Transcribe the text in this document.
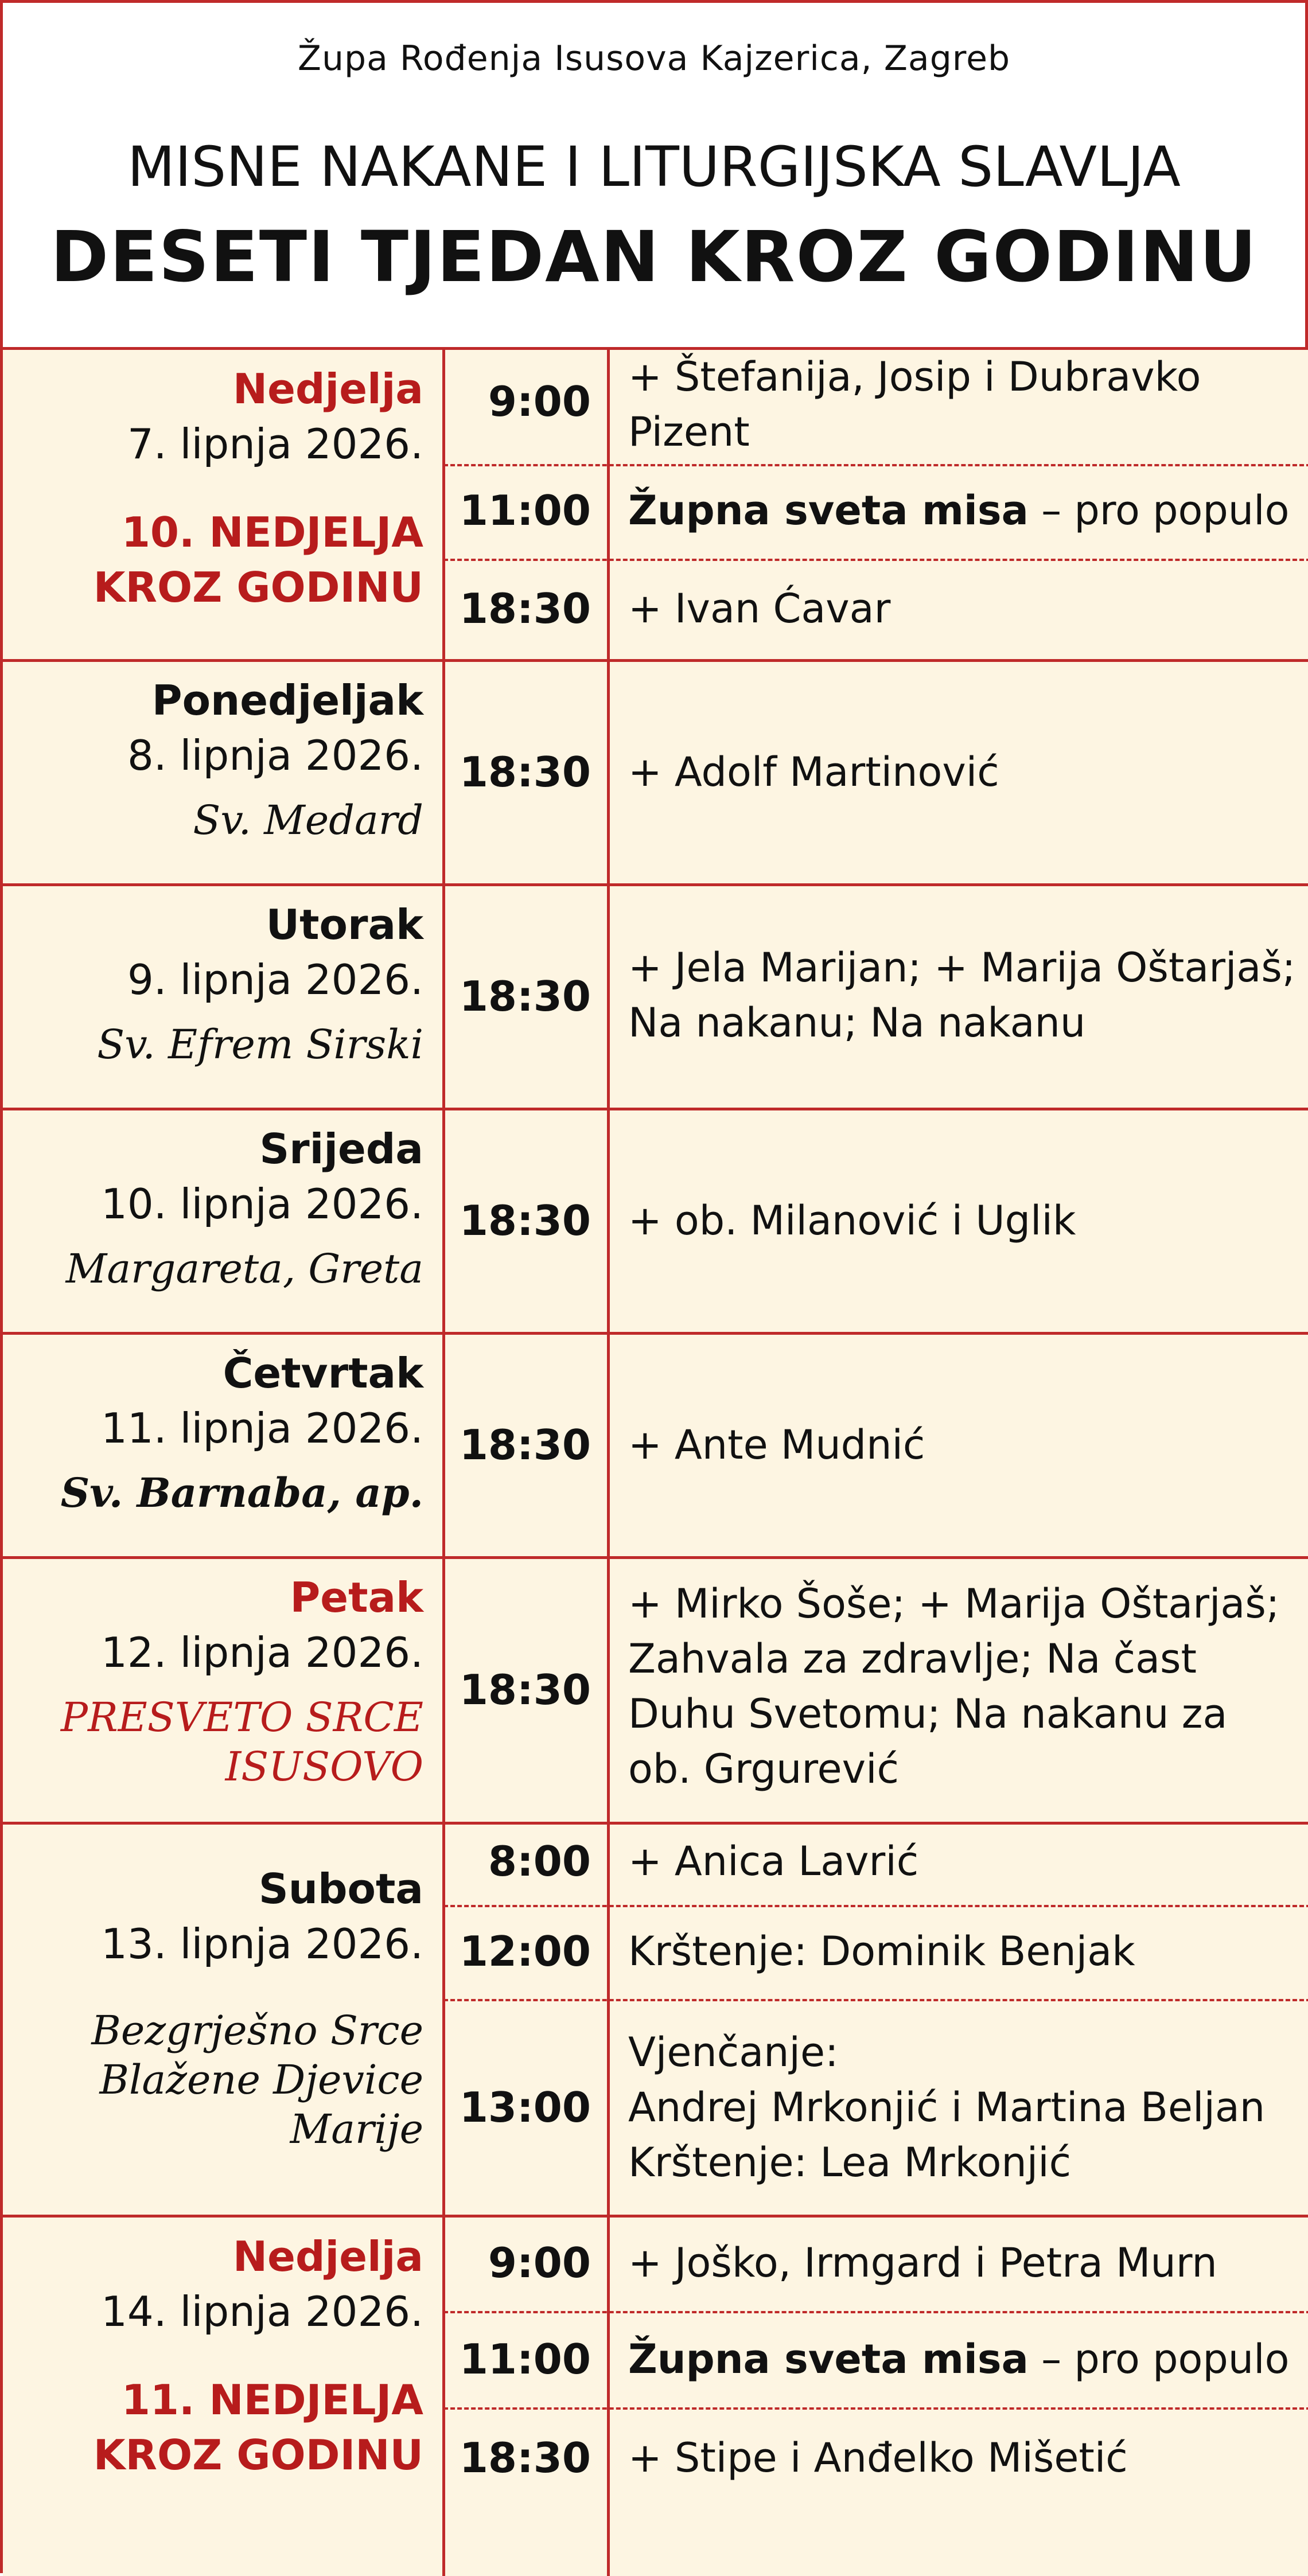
Župa Rođenja Isusova Kajzerica, Zagreb
MISNE NAKANE I LITURGIJSKA SLAVLJA
DESETI TJEDAN KROZ GODINU
Nedjelja
7. lipnja 2026.
10. NEDJELJA
KROZ GODINU
9:00
+ Štefanija, Josip i Dubravko Pizent
11:00 Župna sveta misa – pro populo
18:30 + Ivan Ćavar
Ponedjeljak
8. lipnja 2026.
Sv. Medard
18:30 + Adolf Martinović
Utorak
9. lipnja 2026.
Sv. Efrem Sirski
18:30
+ Jela Marijan; + Marija Oštarjaš; Na nakanu; Na nakanu
Srijeda
10. lipnja 2026.
Margareta, Greta
18:30 + ob. Milanović i Uglik
Četvrtak
11. lipnja 2026.
Sv. Barnaba, ap.
18:30 + Ante Mudnić
Petak
12. lipnja 2026.
PRESVETO SRCE
ISUSOVO
18:30
+ Mirko Šoše; + Marija Oštarjaš; Zahvala za zdravlje; Na čast Duhu Svetomu; Na nakanu za ob. Grgurević
Subota
13. lipnja 2026.
Bezgrješno Srce
Blažene Djevice
Marije
8:00 + Anica Lavrić
12:00 Krštenje: Dominik Benjak
13:00
Vjenčanje:
Andrej Mrkonjić i Martina Beljan
Krštenje: Lea Mrkonjić
Nedjelja
14. lipnja 2026.
11. NEDJELJA
KROZ GODINU
9:00 + Joško, Irmgard i Petra Murn
11:00 Župna sveta misa – pro populo
18:30 + Stipe i Anđelko Mišetić
